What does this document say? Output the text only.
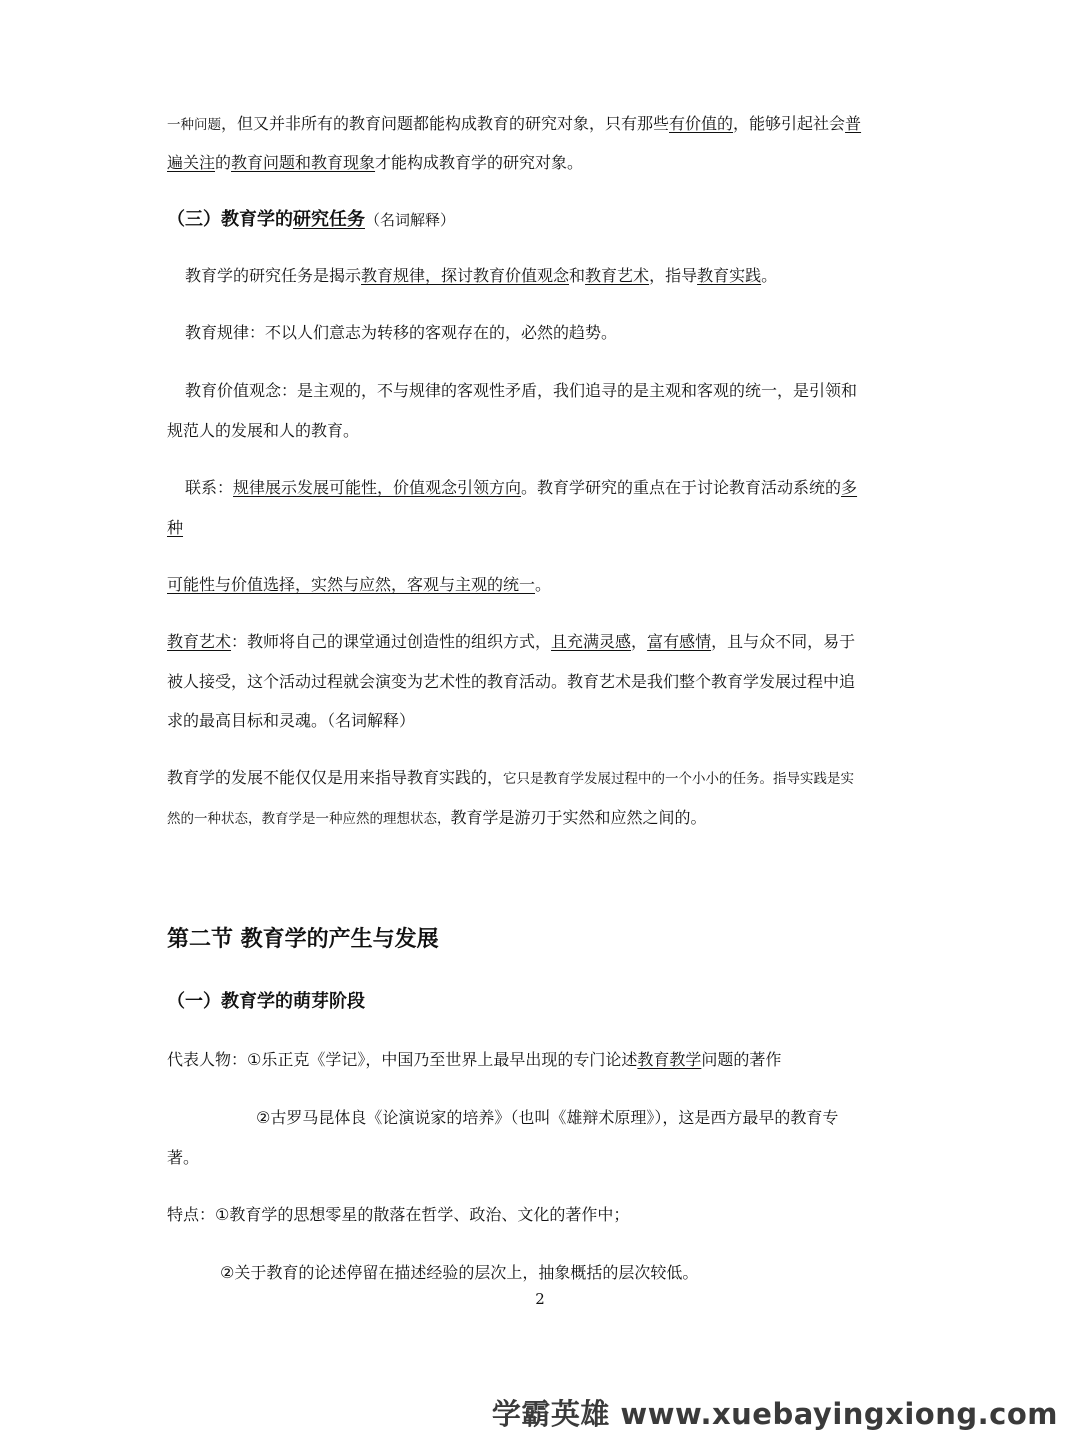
一种问题，但又并非所有的教育问题都能构成教育的研究对象，只有那些有价值的，能够引起社会普
遍关注的教育问题和教育现象才能构成教育学的研究对象。
（三）教育学的研究任务（名词解释）
教育学的研究任务是揭示教育规律，探讨教育价值观念和教育艺术，指导教育实践。
教育规律：不以人们意志为转移的客观存在的，必然的趋势。
教育价值观念：是主观的，不与规律的客观性矛盾，我们追寻的是主观和客观的统一，是引领和
规范人的发展和人的教育。
联系：规律展示发展可能性，价值观念引领方向。教育学研究的重点在于讨论教育活动系统的多
种
可能性与价值选择，实然与应然，客观与主观的统一。
教育艺术：教师将自己的课堂通过创造性的组织方式，且充满灵感，富有感情，且与众不同，易于
被人接受，这个活动过程就会演变为艺术性的教育活动。教育艺术是我们整个教育学发展过程中追
求的最高目标和灵魂。（名词解释）
教育学的发展不能仅仅是用来指导教育实践的，它只是教育学发展过程中的一个小小的任务。指导实践是实
然的一种状态，教育学是一种应然的理想状态，教育学是游刃于实然和应然之间的。
第二节 教育学的产生与发展
（一）教育学的萌芽阶段
代表人物：①乐正克《学记》，中国乃至世界上最早出现的专门论述教育教学问题的著作
②古罗马昆体良《论演说家的培养》（也叫《雄辩术原理》），这是西方最早的教育专
著。
特点：①教育学的思想零星的散落在哲学、政治、文化的著作中；
②关于教育的论述停留在描述经验的层次上，抽象概括的层次较低。
2
学霸英雄 www.xuebayingxiong.com
